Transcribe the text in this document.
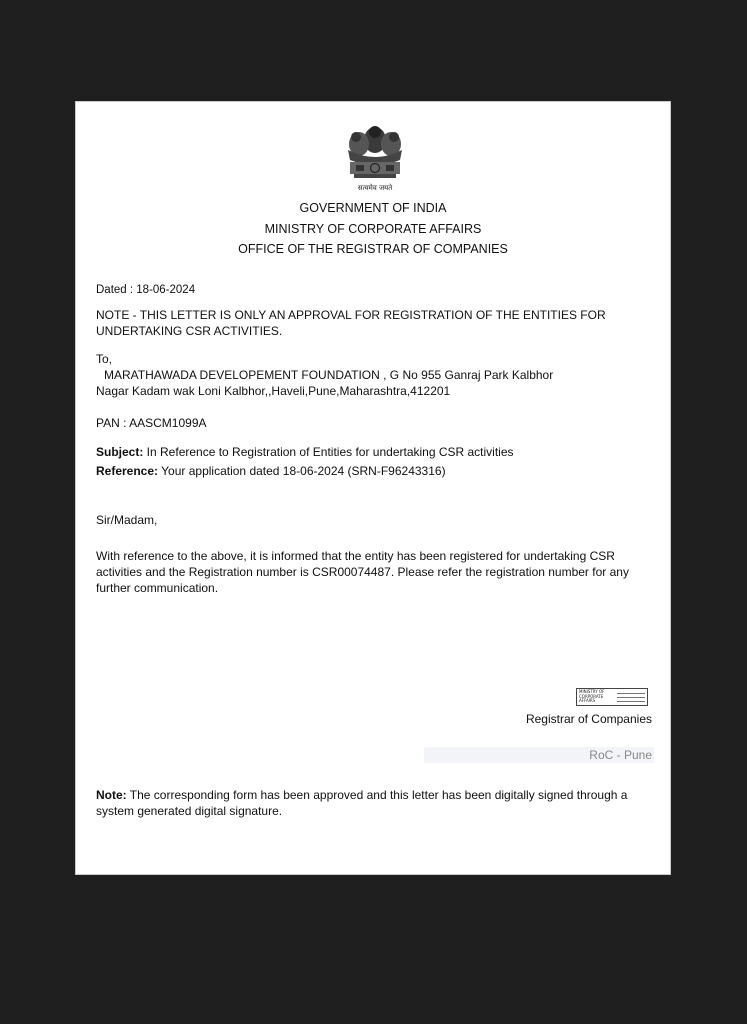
सत्यमेव जयते
GOVERNMENT OF INDIA
MINISTRY OF CORPORATE AFFAIRS
OFFICE OF THE REGISTRAR OF COMPANIES
Dated : 18-06-2024
NOTE - THIS LETTER IS ONLY AN APPROVAL FOR REGISTRATION OF THE ENTITIES FOR UNDERTAKING CSR ACTIVITIES.
To,
MARATHAWADA DEVELOPEMENT FOUNDATION , G No 955 Ganraj Park Kalbhor
Nagar Kadam wak Loni Kalbhor,,Haveli,Pune,Maharashtra,412201
PAN : AASCM1099A
Subject: In Reference to Registration of Entities for undertaking CSR activities
Reference: Your application dated 18-06-2024 (SRN-F96243316)
Sir/Madam,
With reference to the above, it is informed that the entity has been registered for undertaking CSR activities and the Registration number is CSR00074487. Please refer the registration number for any further communication.
MINISTRY OF CORPORATE AFFAIRS
Registrar of Companies
RoC - Pune
Note: The corresponding form has been approved and this letter has been digitally signed through a system generated digital signature.
